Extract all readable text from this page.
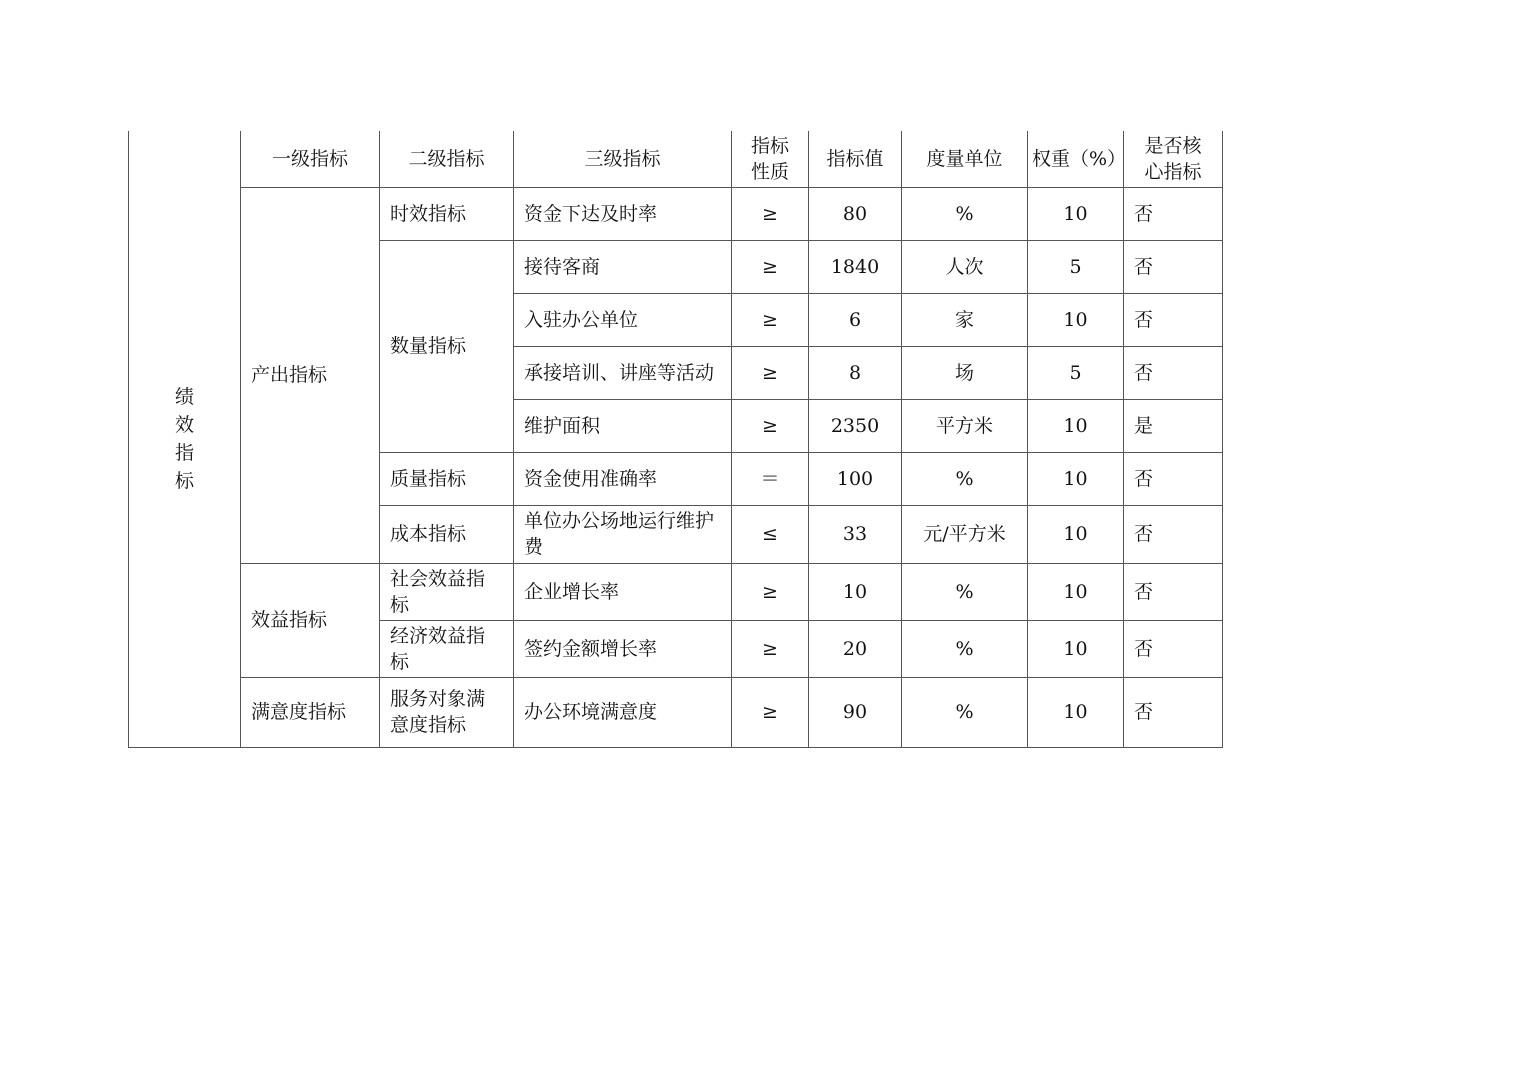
绩效指标	一级指标	二级指标	三级指标	指标性质	指标值	度量单位	权重（%）	是否核心指标
	产出指标	时效指标	资金下达及时率	≥	80	%	10	否
		数量指标	接待客商	≥	1840	人次	5	否
			入驻办公单位	≥	6	家	10	否
			承接培训、讲座等活动	≥	8	场	5	否
			维护面积	≥	2350	平方米	10	是
		质量指标	资金使用准确率	＝	100	%	10	否
		成本指标	单位办公场地运行维护费	≤	33	元/平方米	10	否
	效益指标	社会效益指标	企业增长率	≥	10	%	10	否
		经济效益指标	签约金额增长率	≥	20	%	10	否
	满意度指标	服务对象满意度指标	办公环境满意度	≥	90	%	10	否
